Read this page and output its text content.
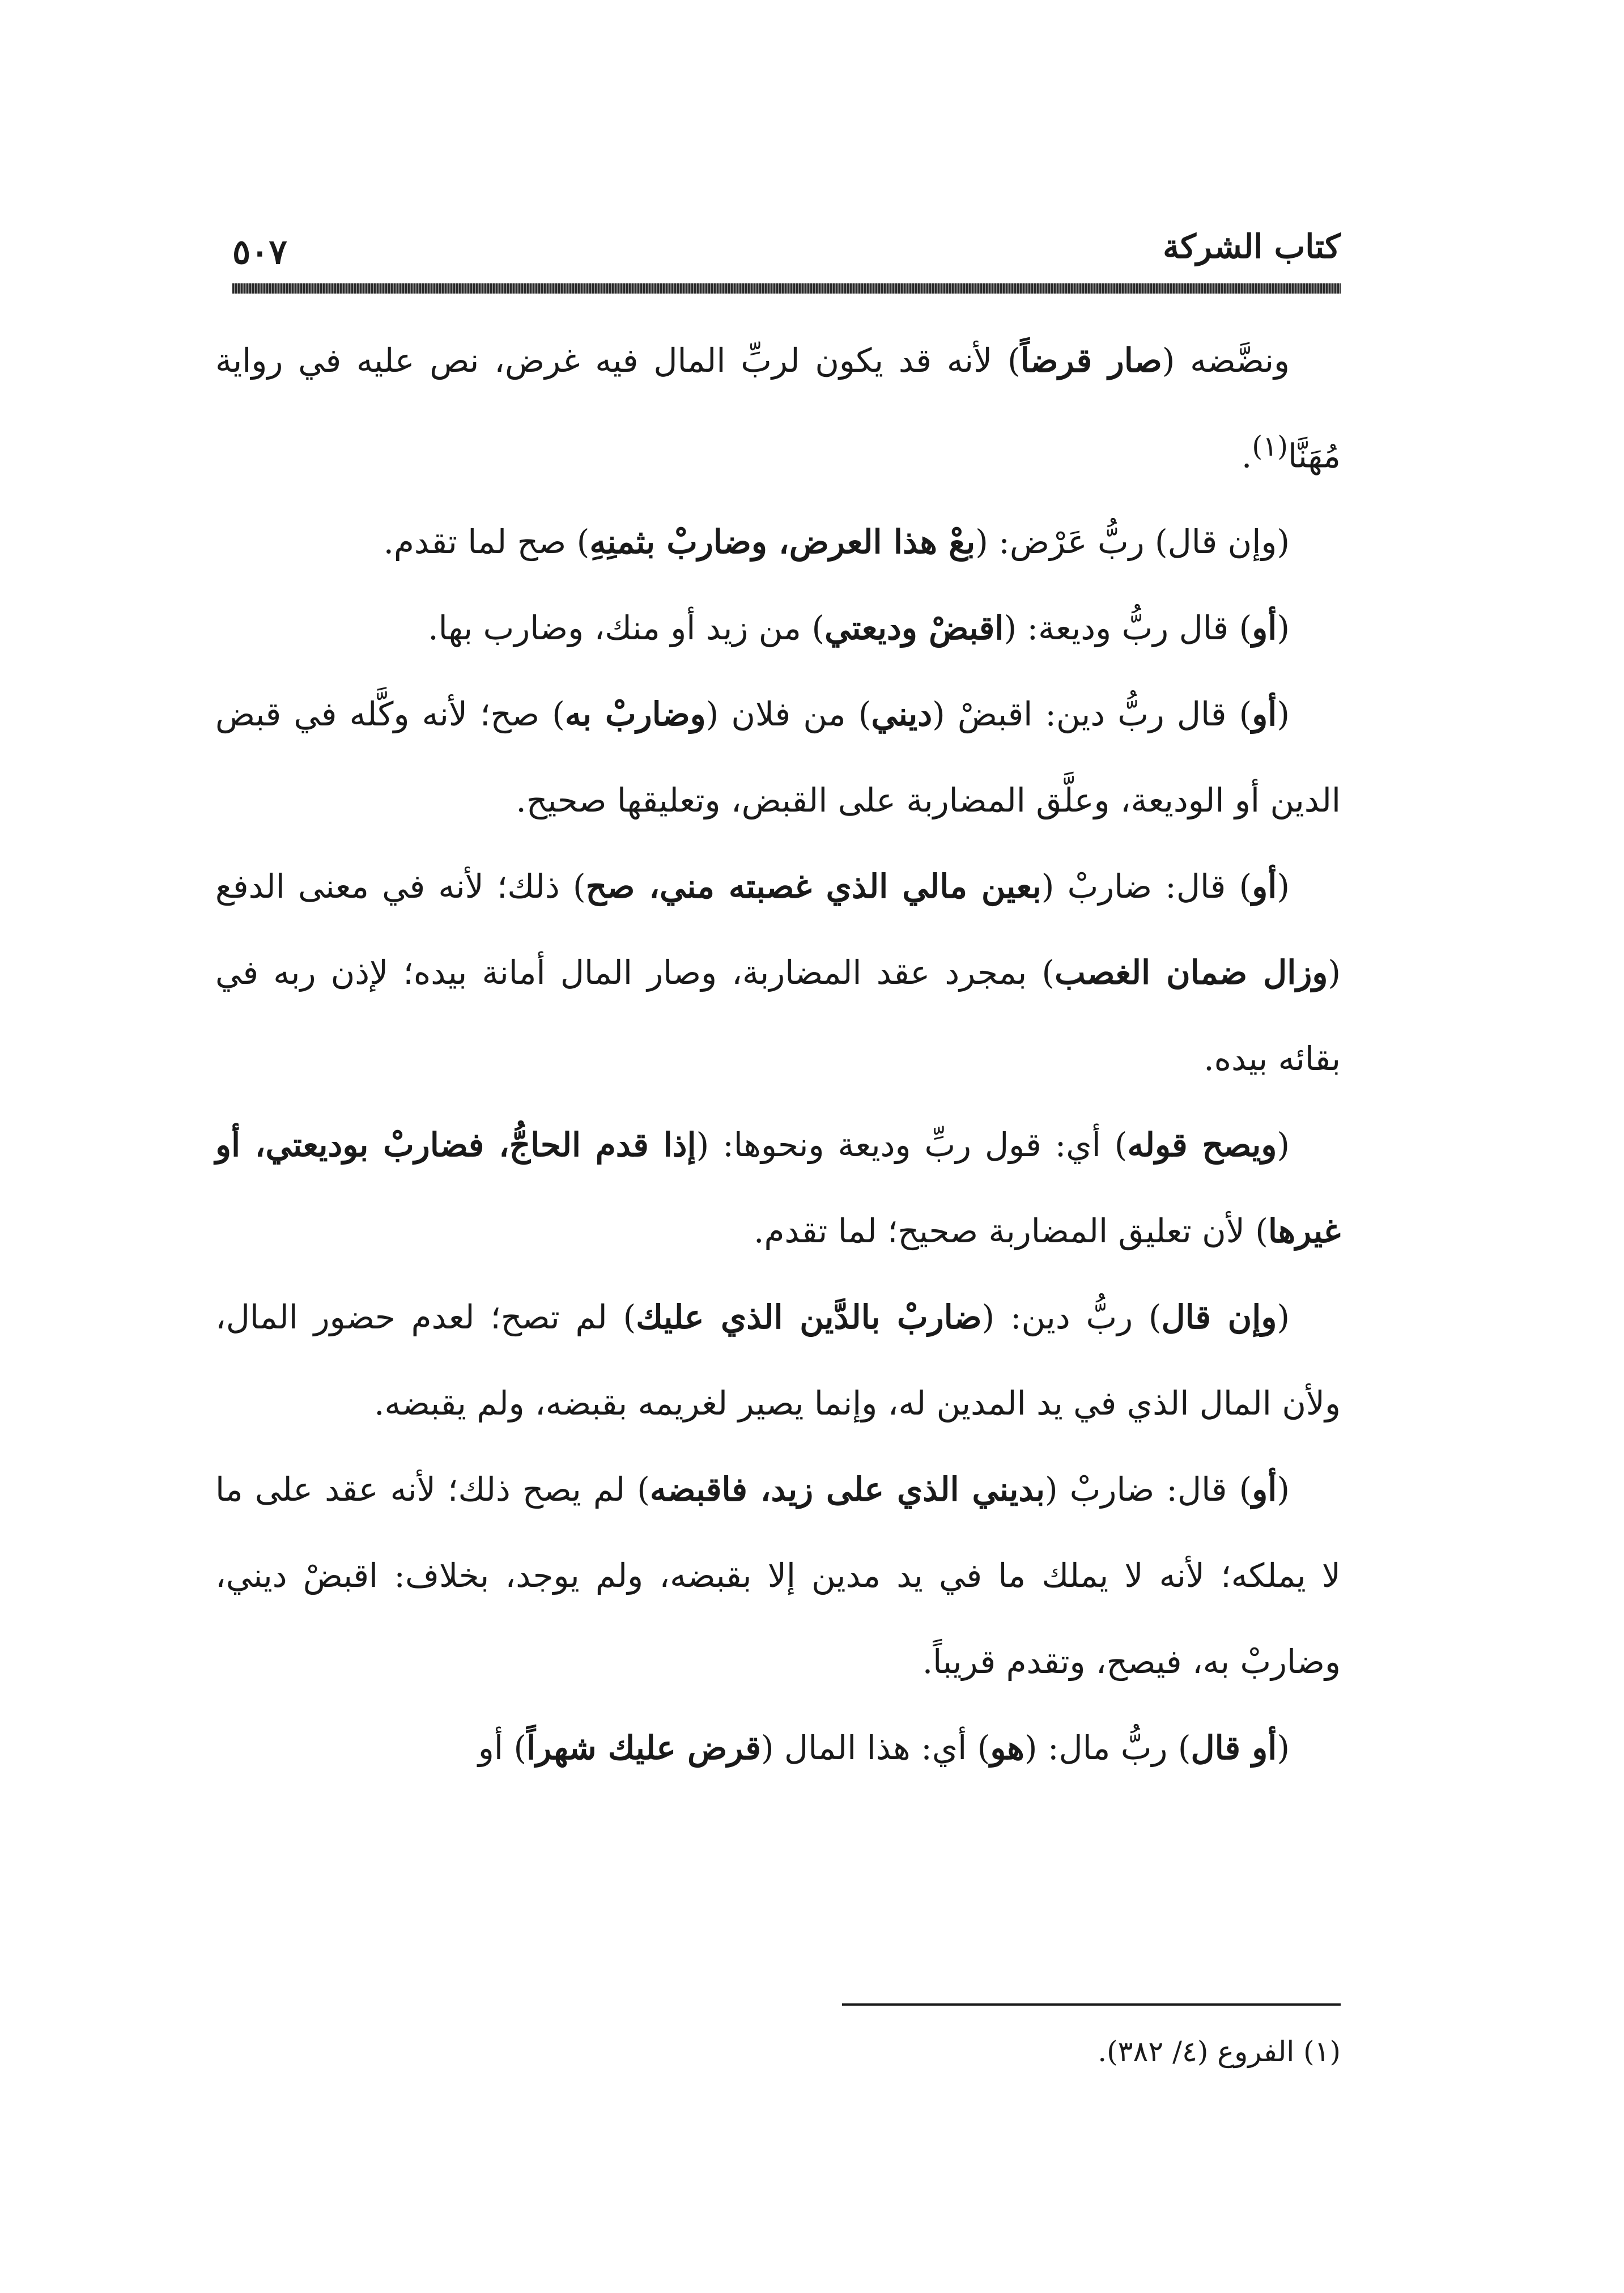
كتاب الشركة
٥٠٧

ونضَّضه (صار قرضاً) لأنه قد يكون لربِّ المال فيه غرض، نص عليه في رواية مُهَنَّا$^{(١)}$.

(وإن قال) ربُّ عَرْض: (بعْ هذا العرض، وضاربْ بثمنِهِ) صح لما تقدم.

(أو) قال ربُّ وديعة: (اقبضْ وديعتي) من زيد أو منك، وضارب بها.

(أو) قال ربُّ دين: اقبضْ (ديني) من فلان (وضاربْ به) صح؛ لأنه وكَّله في قبض الدين أو الوديعة، وعلَّق المضاربة على القبض، وتعليقها صحيح.

(أو) قال: ضاربْ (بعين مالي الذي غصبته مني، صح) ذلك؛ لأنه في معنى الدفع (وزال ضمان الغصب) بمجرد عقد المضاربة، وصار المال أمانة بيده؛ لإذن ربه في بقائه بيده.

(ويصح قوله) أي: قول ربِّ وديعة ونحوها: (إذا قدم الحاجُّ، فضاربْ بوديعتي، أو غيرها) لأن تعليق المضاربة صحيح؛ لما تقدم.

(وإن قال) ربُّ دين: (ضاربْ بالدَّين الذي عليك) لم تصح؛ لعدم حضور المال، ولأن المال الذي في يد المدين له، وإنما يصير لغريمه بقبضه، ولم يقبضه.

(أو) قال: ضاربْ (بديني الذي على زيد، فاقبضه) لم يصح ذلك؛ لأنه عقد على ما لا يملكه؛ لأنه لا يملك ما في يد مدين إلا بقبضه، ولم يوجد، بخلاف: اقبضْ ديني، وضاربْ به، فيصح، وتقدم قريباً.

(أو قال) ربُّ مال: (هو) أي: هذا المال (قرض عليك شهراً) أو

(١) الفروع (٤/ ٣٨٢).
